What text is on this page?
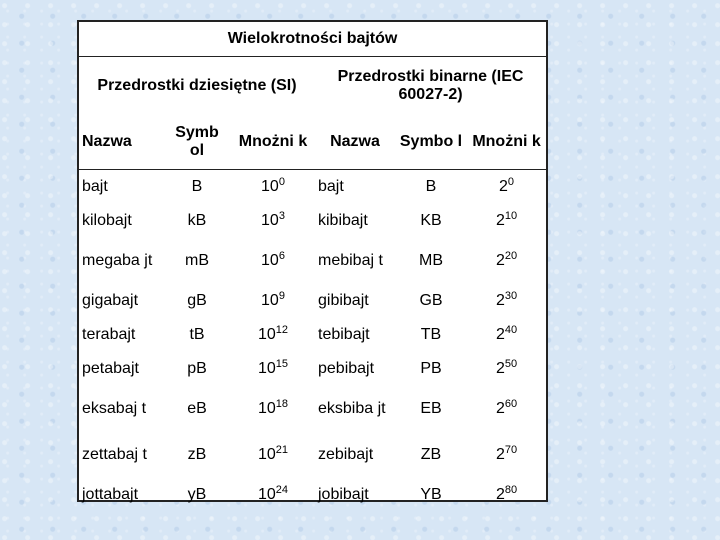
Wielokrotności bajtów					
Przedrostki dziesiętne (SI)			Przedrostki binarne (IEC 60027-2)		
Nazwa	Symb ol	Mnożni k	Nazwa	Symbo l	Mnożni k
bajt	B	$10^0$	bajt	B	$2^0$
kilobajt	kB	$10^3$	kibibajt	KB	$2^{10}$
megaba jt	mB	$10^6$	mebibaj t	MB	$2^{20}$
gigabajt	gB	$10^9$	gibibajt	GB	$2^{30}$
terabajt	tB	$10^{12}$	tebibajt	TB	$2^{40}$
petabajt	pB	$10^{15}$	pebibajt	PB	$2^{50}$
eksabaj t	eB	$10^{18}$	eksbiba jt	EB	$2^{60}$
zettabaj t	zB	$10^{21}$	zebibajt	ZB	$2^{70}$
jottabajt	yB	$10^{24}$	jobibajt	YB	$2^{80}$
